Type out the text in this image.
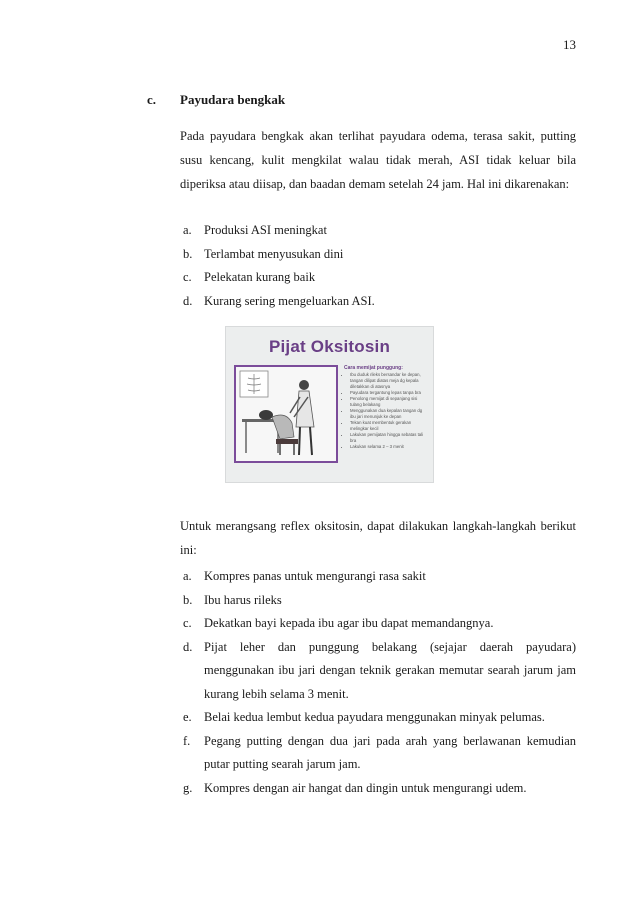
13
c. Payudara bengkak
Pada payudara bengkak akan terlihat payudara odema, terasa sakit, putting susu kencang, kulit mengkilat walau tidak merah, ASI tidak keluar bila diperiksa atau diisap, dan baadan demam setelah 24 jam. Hal ini dikarenakan:
a. Produksi ASI meningkat
b. Terlambat menyusukan dini
c. Pelekatan kurang baik
d. Kurang sering mengeluarkan ASI.
Pijat Oksitosin
Cara memijat punggung:
• Ibu duduk rileks bersandar ke depan, tangan dilipat diatas meja dg kepala diletakkan di atasnya
• Payudara tergantung lepas tanpa bra
• Penolong memijat di sepanjang sisi tulang belakang
• Menggunakan dua kepalan tangan dg ibu jari menunjuk ke depan
• Tekan kuat membentuk gerakan melingkar kecil
• Lakukan pemijatan hingga sebatas tali bra
• Lakukan selama 2 – 3 menit
Untuk merangsang reflex oksitosin, dapat dilakukan langkah-langkah berikut ini:
a. Kompres panas untuk mengurangi rasa sakit
b. Ibu harus rileks
c. Dekatkan bayi kepada ibu agar ibu dapat memandangnya.
d. Pijat leher dan punggung belakang (sejajar daerah payudara) menggunakan ibu jari dengan teknik gerakan memutar searah jarum jam kurang lebih selama 3 menit.
e. Belai kedua lembut kedua payudara menggunakan minyak pelumas.
f.	Pegang putting dengan dua jari pada arah yang berlawanan kemudian putar putting searah jarum jam.
g. Kompres dengan air hangat dan dingin untuk mengurangi udem.
